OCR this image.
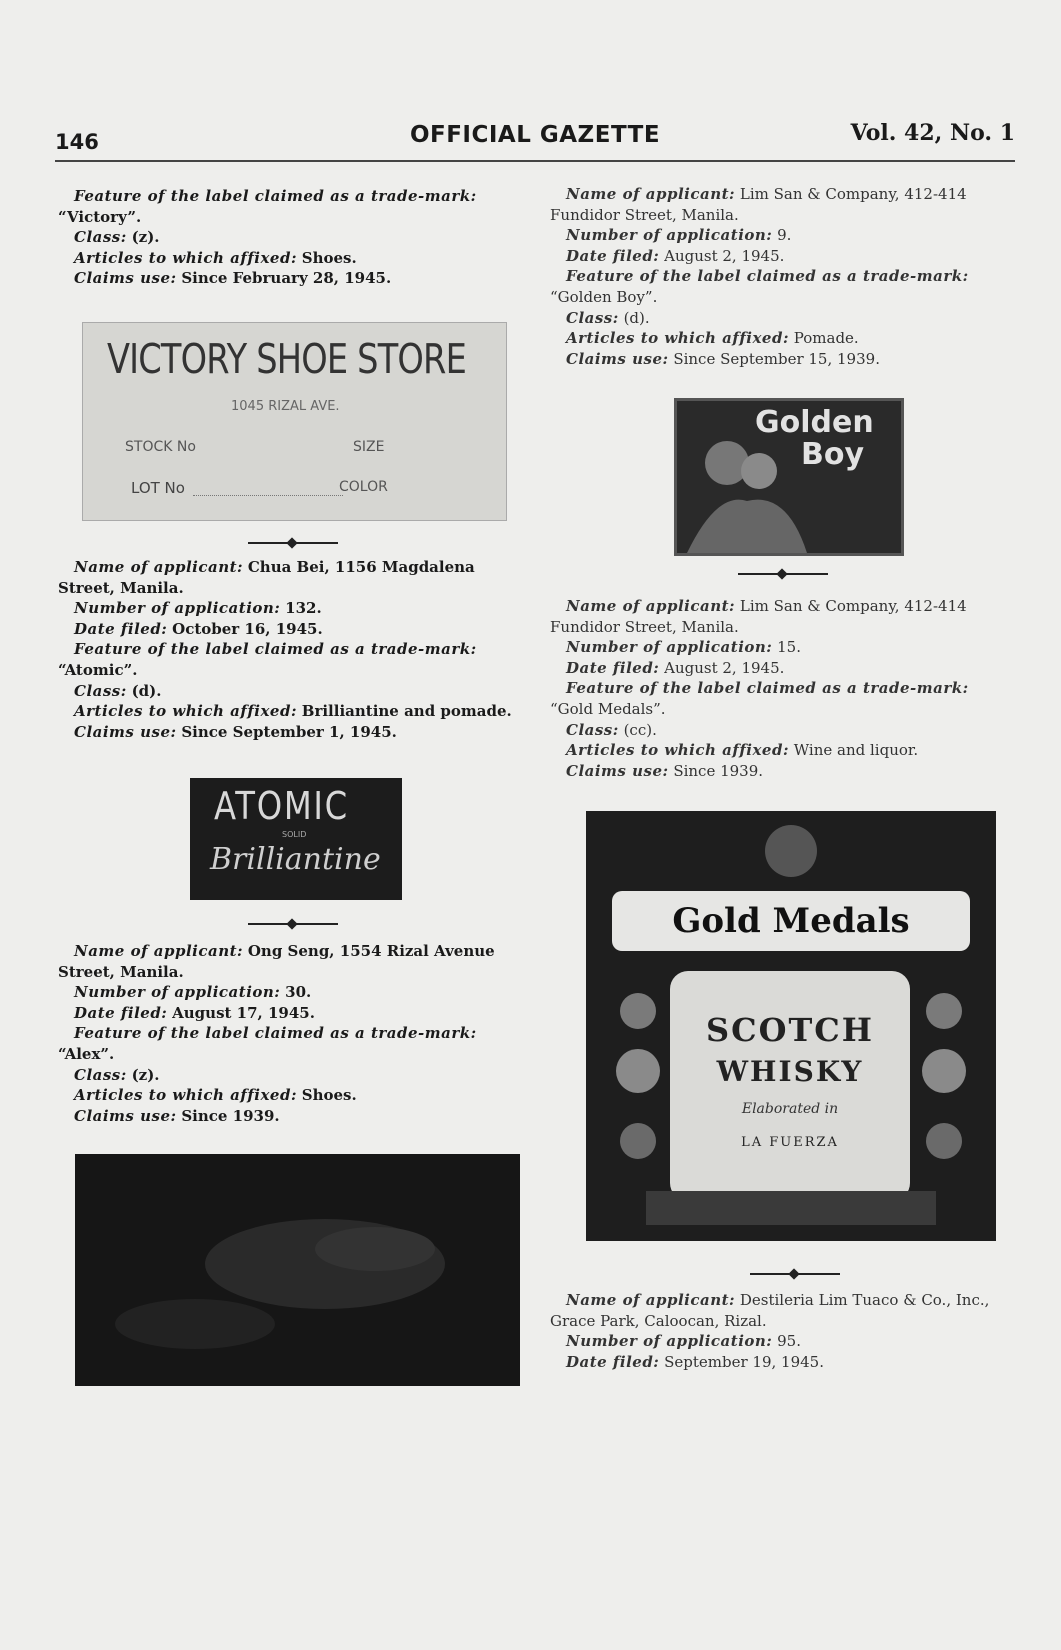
146	OFFICIAL GAZETTE	Vol. 42, No. 1

Feature of the label claimed as a trade-mark:

“Victory”.

Class: (z).

Articles to which affixed: Shoes.

Claims use: Since February 28, 1945.

VICTORY SHOE STORE
1045 RIZAL AVE.
STOCK No	SIZE
LOT No	COLOR

Name of applicant: Chua Bei, 1156 Magdalena Street, Manila.

Number of application: 132.

Date filed: October 16, 1945.

Feature of the label claimed as a trade-mark:

“Atomic”.

Class: (d).

Articles to which affixed: Brilliantine and pomade.

Claims use: Since September 1, 1945.

ATOMIC
SOLID
Brilliantine

Name of applicant: Ong Seng, 1554 Rizal Avenue Street, Manila.

Number of application: 30.

Date filed: August 17, 1945.

Feature of the label claimed as a trade-mark:

“Alex”.

Class: (z).

Articles to which affixed: Shoes.

Claims use: Since 1939.

Name of applicant: Lim San & Company, 412-414 Fundidor Street, Manila.

Number of application: 9.

Date filed: August 2, 1945.

Feature of the label claimed as a trade-mark:

“Golden Boy”.

Class: (d).

Articles to which affixed: Pomade.

Claims use: Since September 15, 1939.

Golden
Boy

Name of applicant: Lim San & Company, 412-414 Fundidor Street, Manila.

Number of application: 15.

Date filed: August 2, 1945.

Feature of the label claimed as a trade-mark:

“Gold Medals”.

Class: (cc).

Articles to which affixed: Wine and liquor.

Claims use: Since 1939.

Gold Medals
SCOTCH
WHISKY
Elaborated in
LA FUERZA

Name of applicant: Destileria Lim Tuaco & Co., Inc., Grace Park, Caloocan, Rizal.

Number of application: 95.

Date filed: September 19, 1945.
